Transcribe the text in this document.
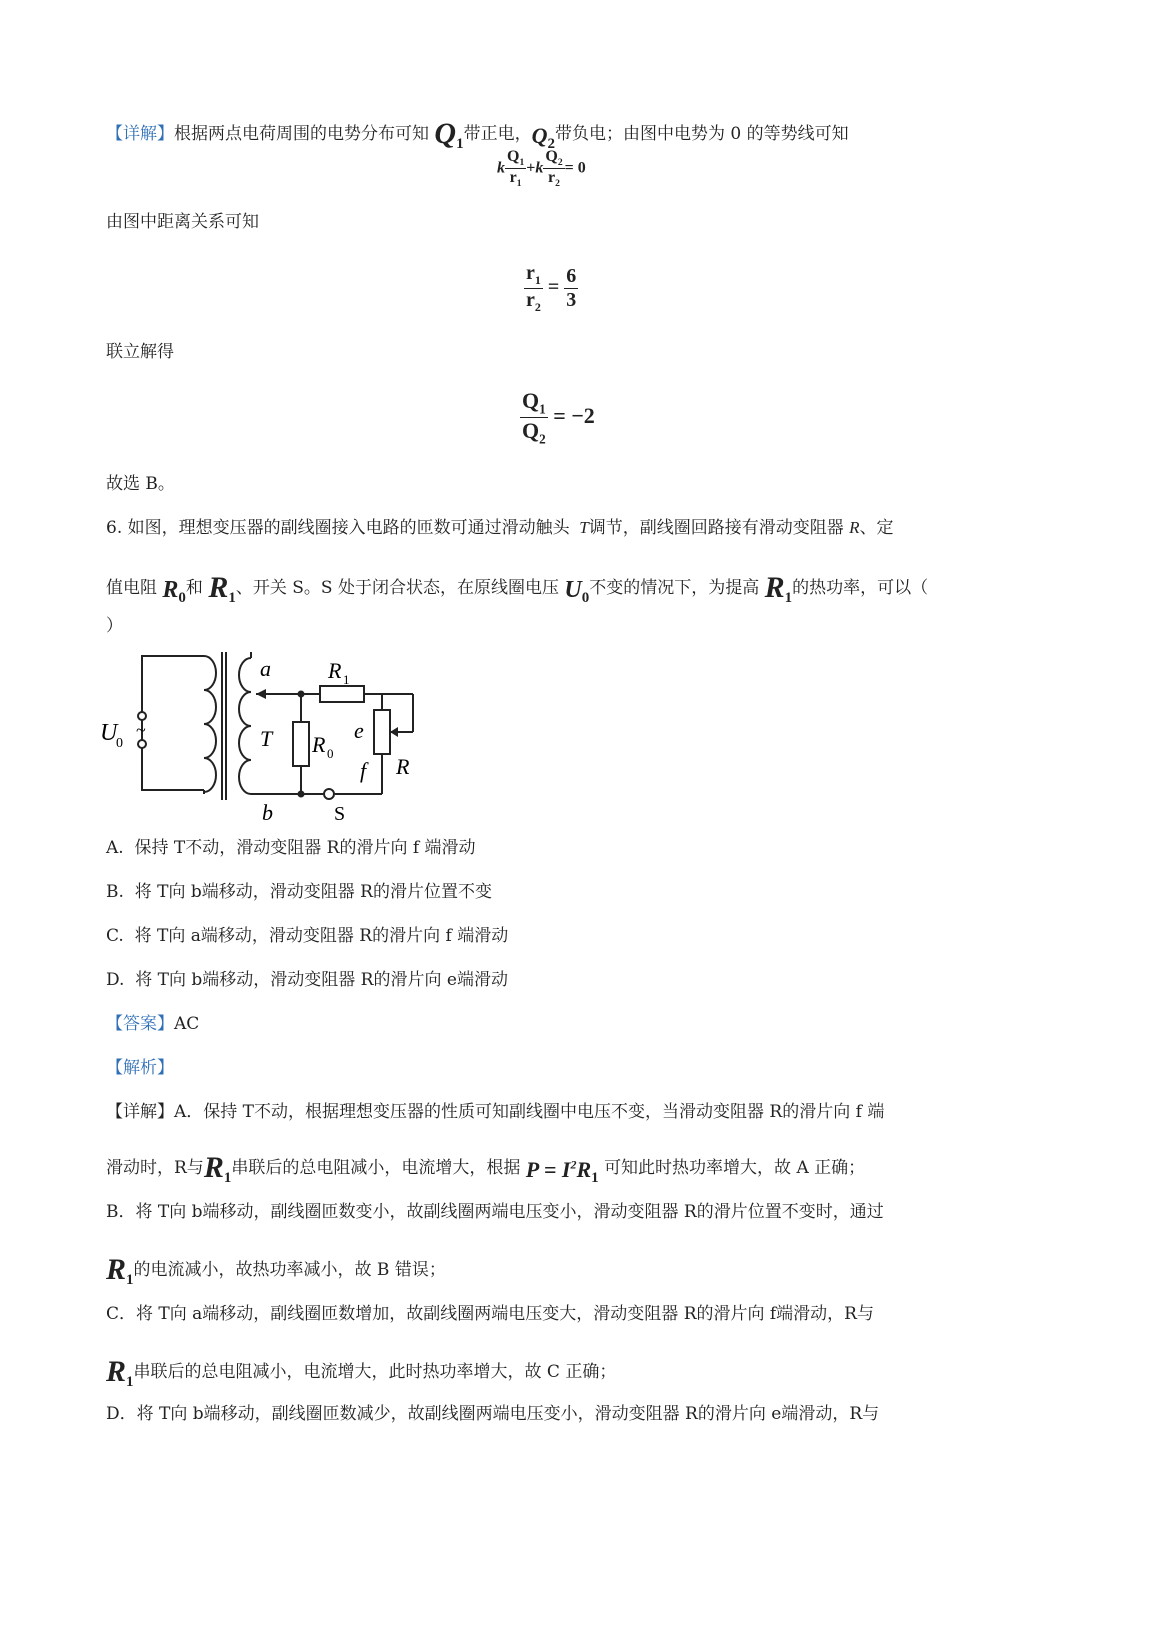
【详解】根据两点电荷周围的电势分布可知 $Q_1$带正电，$Q_2$带负电；由图中电势为 0 的等势线可知
k $\frac{Q_1}{r_1} +k \frac{Q_2}{r_2} = 0$
由图中距离关系可知
$\frac{r_1}{r_2} = \frac{6}{3}$
联立解得
$\frac{Q_1}{Q_2} = -2$
故选 B。
6. 如图，理想变压器的副线圈接入电路的匝数可通过滑动触头  T调节，副线圈回路接有滑动变阻器 R、定
值电阻 $R_0$和 $R_1$、开关 S。S 处于闭合状态，在原线圈电压 $U_0$不变的情况下，为提高 $R_1$的热功率，可以（
）
~
U
0
a
b
T
R 1
R 0
e
f R
S
A. 保持 T不动，滑动变阻器 R的滑片向 f 端滑动
B. 将 T向 b端移动，滑动变阻器 R的滑片位置不变
C. 将 T向 a端移动，滑动变阻器 R的滑片向 f 端滑动
D. 将 T向 b端移动，滑动变阻器 R的滑片向 e端滑动
【答案】AC
【解析】
【详解】A．保持 T不动，根据理想变压器的性质可知副线圈中电压不变，当滑动变阻器 R的滑片向 f 端
滑动时，R与$R_1$串联后的总电阻减小，电流增大，根据 $P = I^2R_1$ 可知此时热功率增大，故 A 正确；
B．将 T向 b端移动，副线圈匝数变小，故副线圈两端电压变小，滑动变阻器 R的滑片位置不变时，通过
$R_1$的电流减小，故热功率减小，故 B 错误；
C．将 T向 a端移动，副线圈匝数增加，故副线圈两端电压变大，滑动变阻器 R的滑片向 f端滑动，R与
$R_1$串联后的总电阻减小，电流增大，此时热功率增大，故 C 正确；
D．将 T向 b端移动，副线圈匝数减少，故副线圈两端电压变小，滑动变阻器 R的滑片向 e端滑动，R与
